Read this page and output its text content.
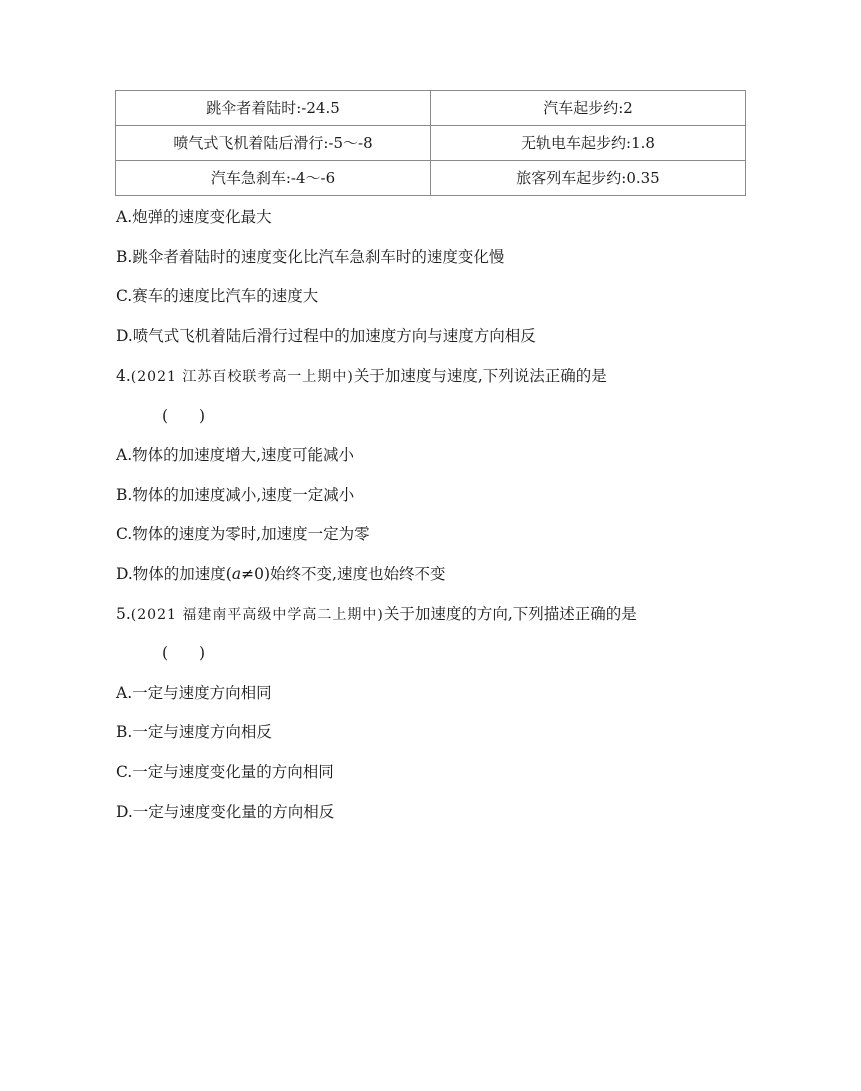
跳伞者着陆时:-24.5	汽车起步约:2
喷气式飞机着陆后滑行:-5～-8	无轨电车起步约:1.8
汽车急刹车:-4～-6	旅客列车起步约:0.35
A.炮弹的速度变化最大
B.跳伞者着陆时的速度变化比汽车急刹车时的速度变化慢
C.赛车的速度比汽车的速度大
D.喷气式飞机着陆后滑行过程中的加速度方向与速度方向相反
4.(2021 江苏百校联考高一上期中)关于加速度与速度,下列说法正确的是
(　　)
A.物体的加速度增大,速度可能减小
B.物体的加速度减小,速度一定减小
C.物体的速度为零时,加速度一定为零
D.物体的加速度(a≠0)始终不变,速度也始终不变
5.(2021 福建南平高级中学高二上期中)关于加速度的方向,下列描述正确的是
(　　)
A.一定与速度方向相同
B.一定与速度方向相反
C.一定与速度变化量的方向相同
D.一定与速度变化量的方向相反
